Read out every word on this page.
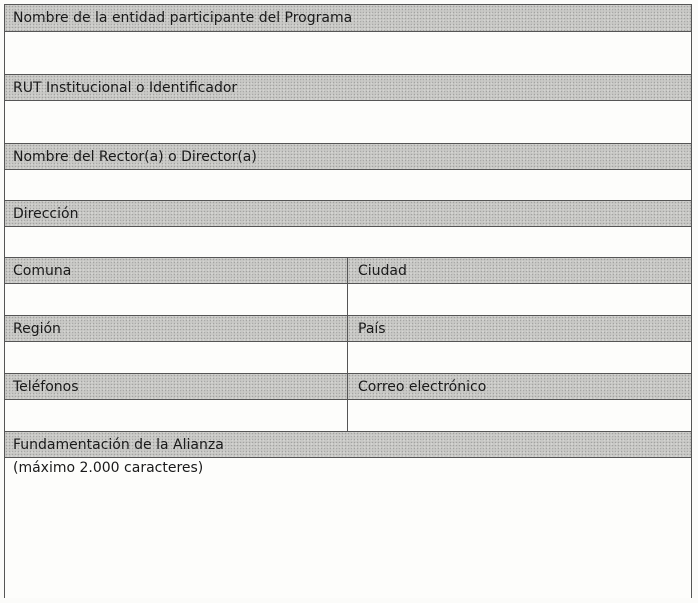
Nombre de la entidad participante del Programa
RUT Institucional o Identificador
Nombre del Rector(a) o Director(a)
Dirección
Comuna	Ciudad
Región	País
Teléfonos	Correo electrónico
Fundamentación de la Alianza
(máximo 2.000 caracteres)
